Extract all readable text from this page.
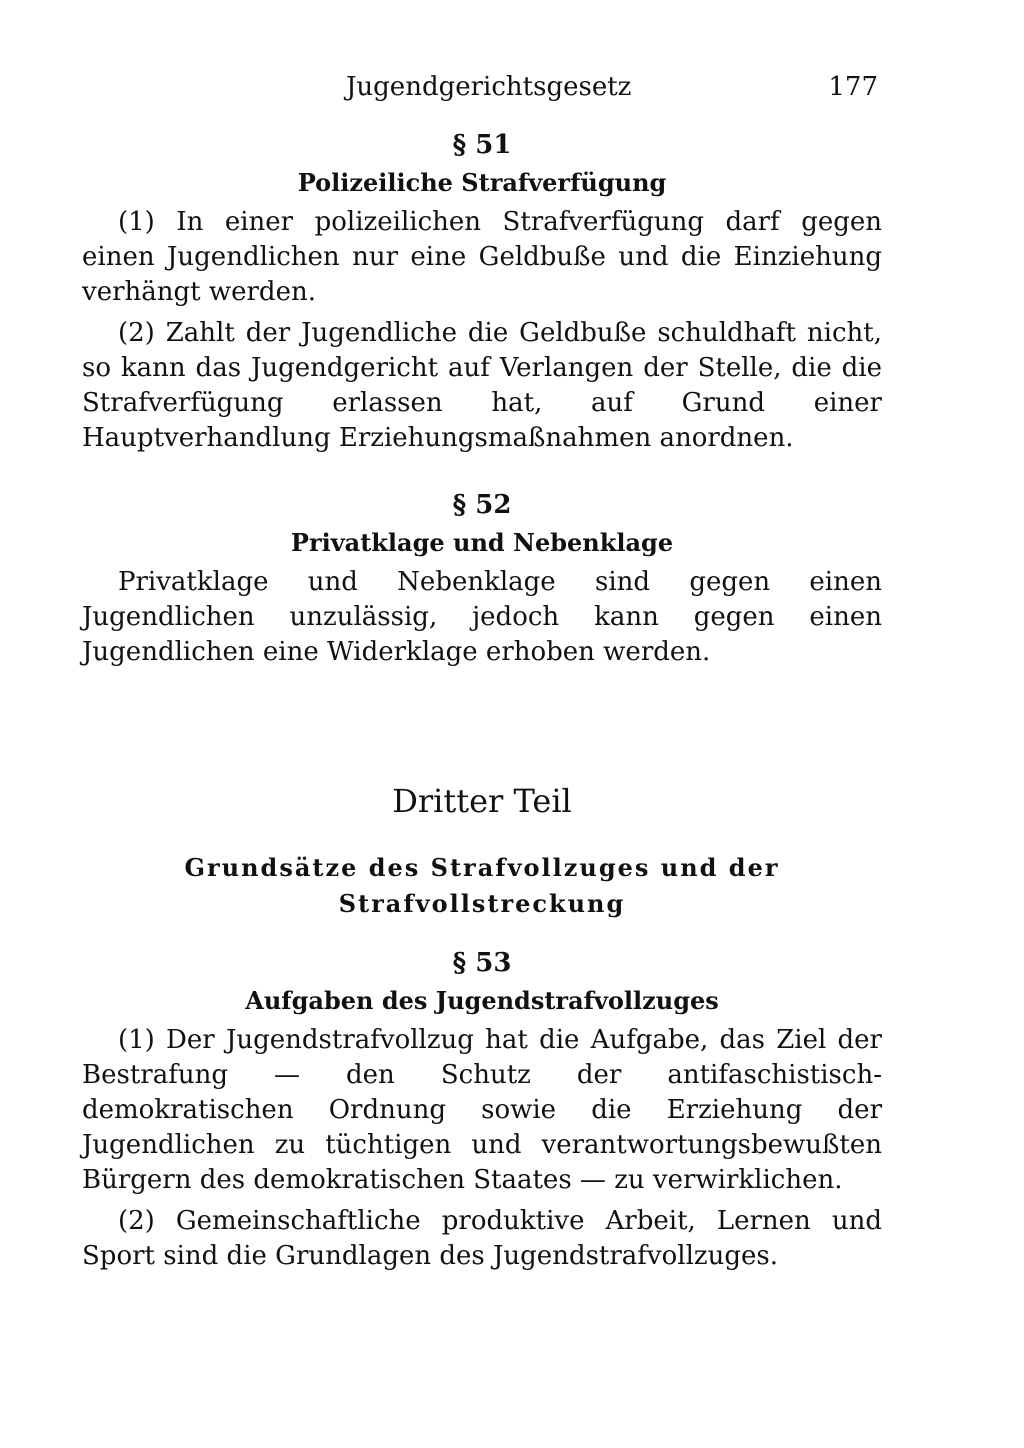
Jugendgerichtsgesetz	177
§ 51
Polizeiliche Strafverfügung

(1) In einer polizeilichen Strafverfügung darf gegen einen Jugendlichen nur eine Geldbuße und die Einziehung verhängt werden.

(2) Zahlt der Jugendliche die Geldbuße schuldhaft nicht, so kann das Jugendgericht auf Verlangen der Stelle, die die Strafverfügung erlassen hat, auf Grund einer Hauptverhandlung Erziehungsmaßnahmen anordnen.

§ 52
Privatklage und Nebenklage

Privatklage und Nebenklage sind gegen einen Jugendlichen unzulässig, jedoch kann gegen einen Jugendlichen eine Widerklage erhoben werden.

Dritter Teil
Grundsätze des Strafvollzuges und der Strafvollstreckung
§ 53
Aufgaben des Jugendstrafvollzuges

(1) Der Jugendstrafvollzug hat die Aufgabe, das Ziel der Bestrafung — den Schutz der antifaschistisch-demokratischen Ordnung sowie die Erziehung der Jugendlichen zu tüchtigen und verantwortungsbewußten Bürgern des demokratischen Staates — zu verwirklichen.

(2) Gemeinschaftliche produktive Arbeit, Lernen und Sport sind die Grundlagen des Jugendstrafvollzuges.
